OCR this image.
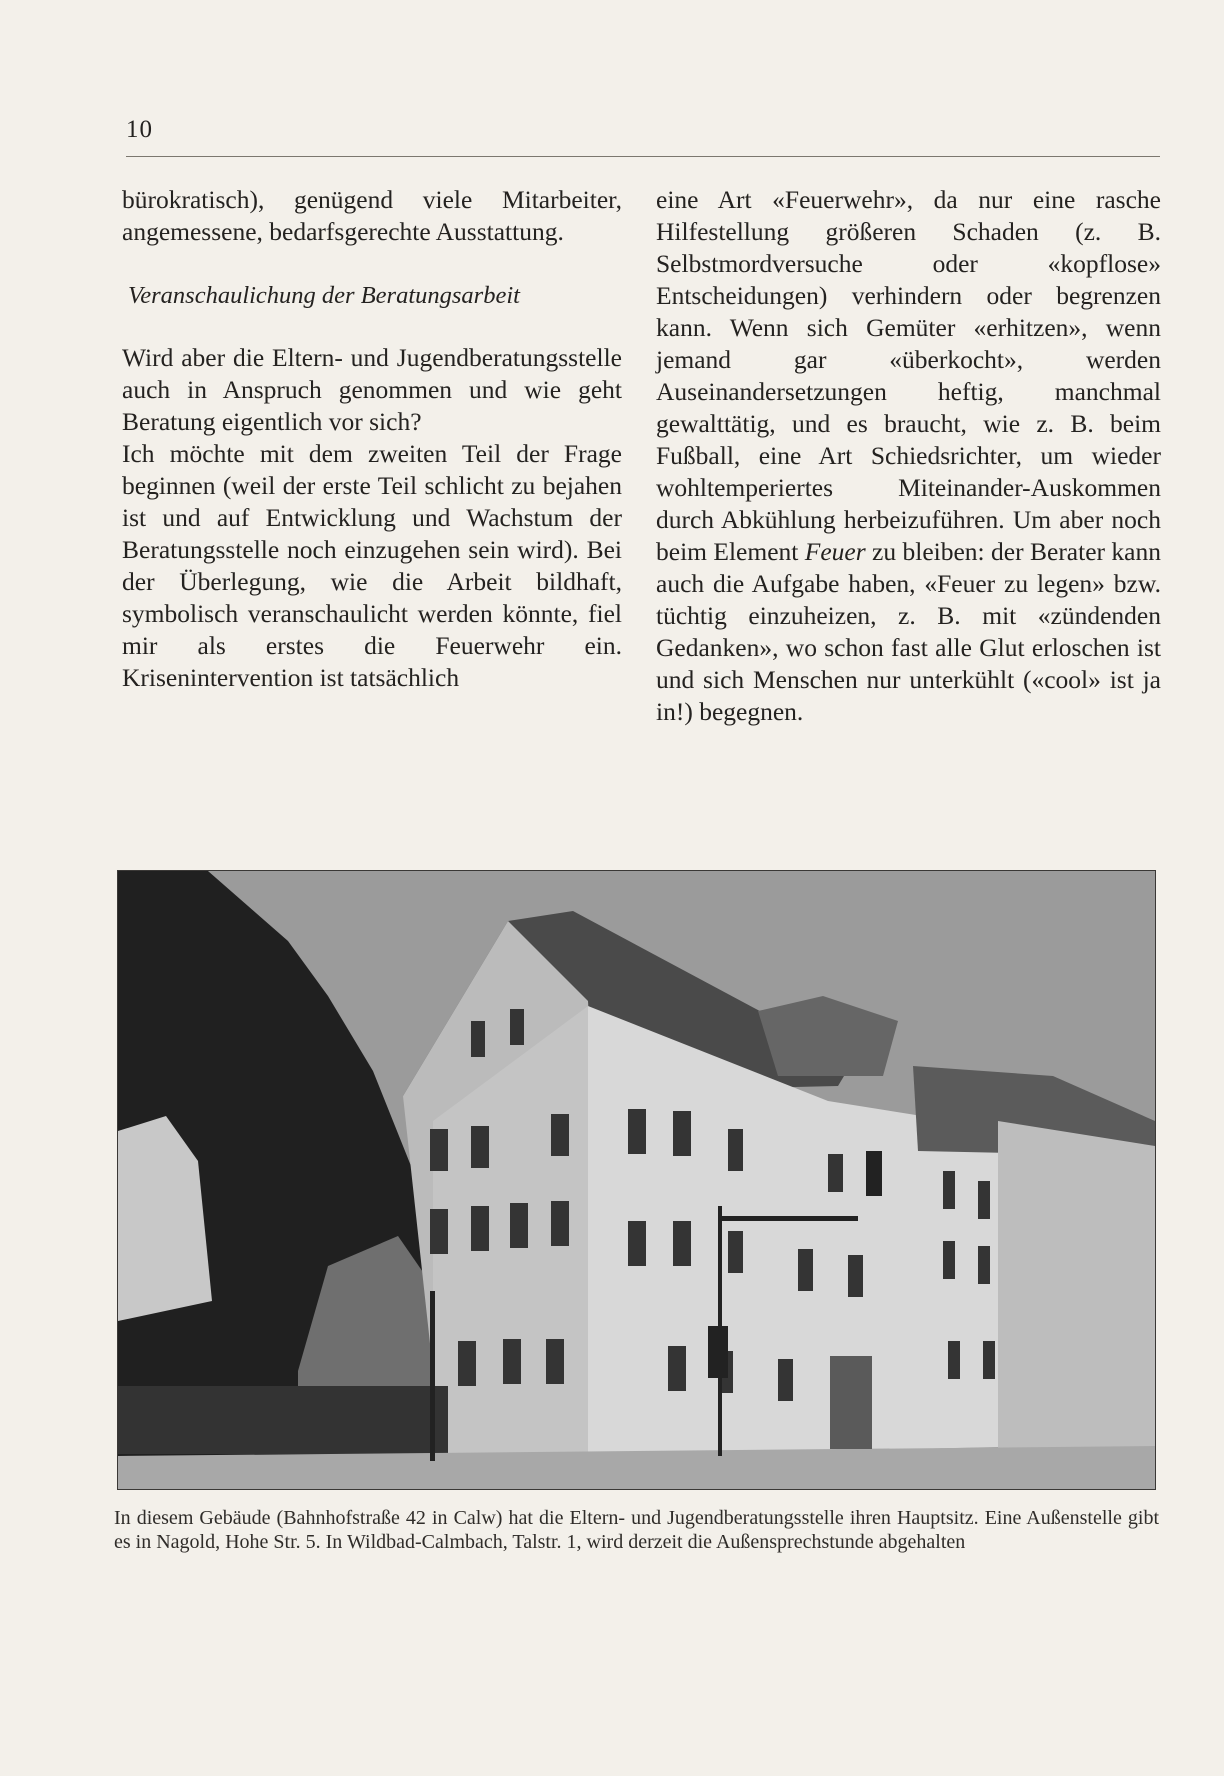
10

bürokratisch), genügend viele Mitarbeiter, angemessene, bedarfsgerechte Ausstattung.

Veranschaulichung der Beratungsarbeit

Wird aber die Eltern- und Jugendberatungsstelle auch in Anspruch genommen und wie geht Beratung eigentlich vor sich?

Ich möchte mit dem zweiten Teil der Frage beginnen (weil der erste Teil schlicht zu bejahen ist und auf Entwicklung und Wachstum der Beratungsstelle noch einzugehen sein wird). Bei der Überlegung, wie die Arbeit bildhaft, symbolisch veranschaulicht werden könnte, fiel mir als erstes die Feuerwehr ein. Krisenintervention ist tatsächlich

eine Art «Feuerwehr», da nur eine rasche Hilfestellung größeren Schaden (z. B. Selbstmordversuche oder «kopflose» Entscheidungen) verhindern oder begrenzen kann. Wenn sich Gemüter «erhitzen», wenn jemand gar «überkocht», werden Auseinandersetzungen heftig, manchmal gewalttätig, und es braucht, wie z. B. beim Fußball, eine Art Schiedsrichter, um wieder wohltemperiertes Miteinander-Auskommen durch Abkühlung herbeizuführen. Um aber noch beim Element Feuer zu bleiben: der Berater kann auch die Aufgabe haben, «Feuer zu legen» bzw. tüchtig einzuheizen, z. B. mit «zündenden Gedanken», wo schon fast alle Glut erloschen ist und sich Menschen nur unterkühlt («cool» ist ja in!) begegnen.

In diesem Gebäude (Bahnhofstraße 42 in Calw) hat die Eltern- und Jugendberatungsstelle ihren Hauptsitz. Eine Außenstelle gibt es in Nagold, Hohe Str. 5. In Wildbad-Calmbach, Talstr. 1, wird derzeit die Außensprechstunde abgehalten
